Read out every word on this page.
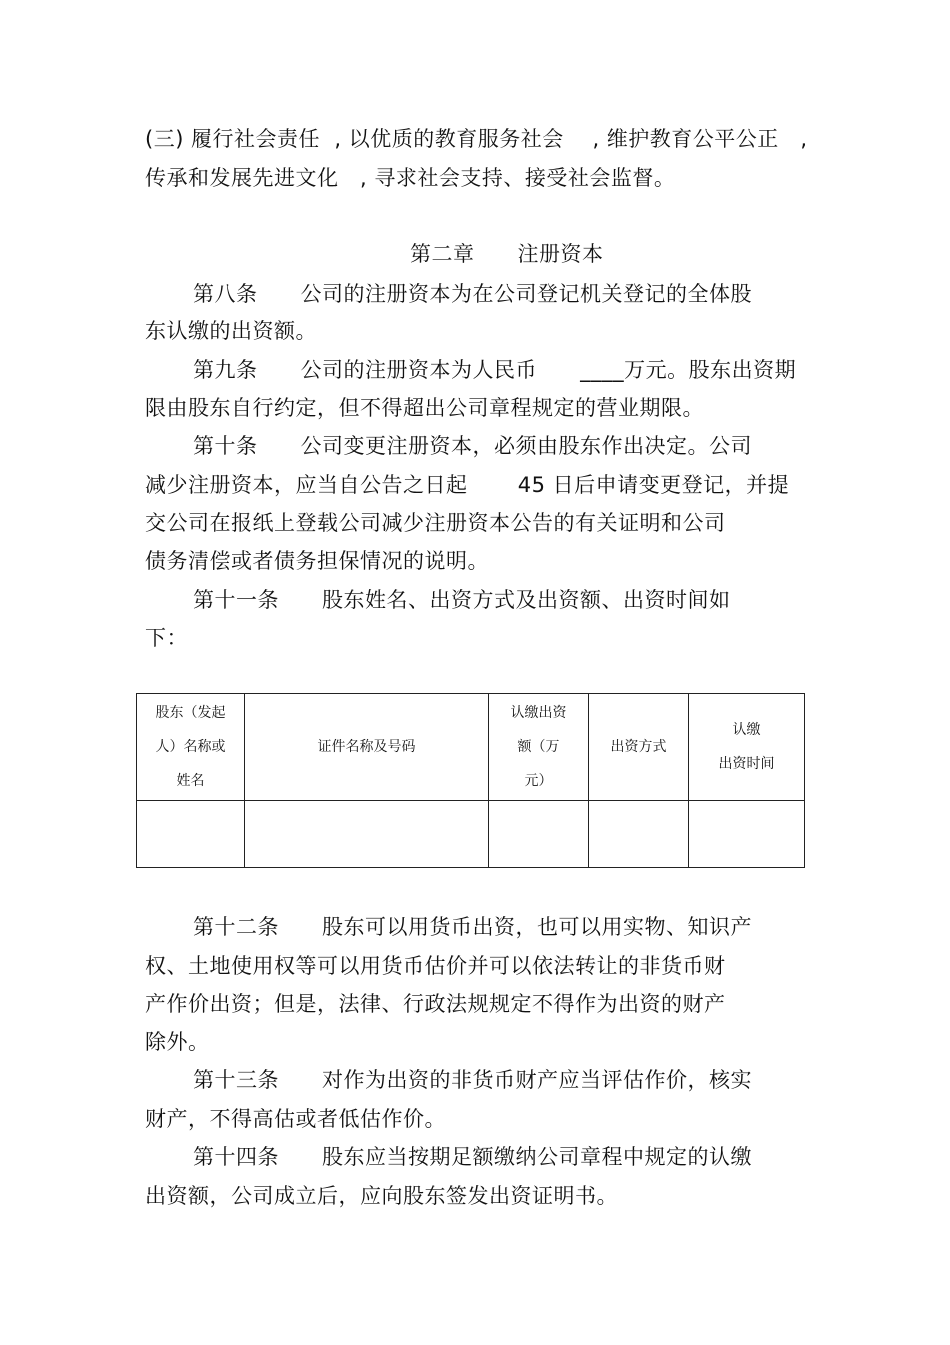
(三) 履行社会责任  , 以优质的教育服务社会    , 维护教育公平公正   ,
传承和发展先进文化   , 寻求社会支持、接受社会监督。
第二章      注册资本
第八条      公司的注册资本为在公司登记机关登记的全体股
东认缴的出资额。
第九条      公司的注册资本为人民币      ____万元。股东出资期
限由股东自行约定，但不得超出公司章程规定的营业期限。
第十条      公司变更注册资本，必须由股东作出决定。公司
减少注册资本，应当自公告之日起       45 日后申请变更登记，并提
交公司在报纸上登载公司减少注册资本公告的有关证明和公司
债务清偿或者债务担保情况的说明。
第十一条      股东姓名、出资方式及出资额、出资时间如
下：
股东（发起
人）名称或
姓名	证件名称及号码	认缴出资
额（万
元）	出资方式	认缴
出资时间

第十二条      股东可以用货币出资，也可以用实物、知识产
权、土地使用权等可以用货币估价并可以依法转让的非货币财
产作价出资；但是，法律、行政法规规定不得作为出资的财产
除外。
第十三条      对作为出资的非货币财产应当评估作价，核实
财产，不得高估或者低估作价。
第十四条      股东应当按期足额缴纳公司章程中规定的认缴
出资额，公司成立后，应向股东签发出资证明书。
